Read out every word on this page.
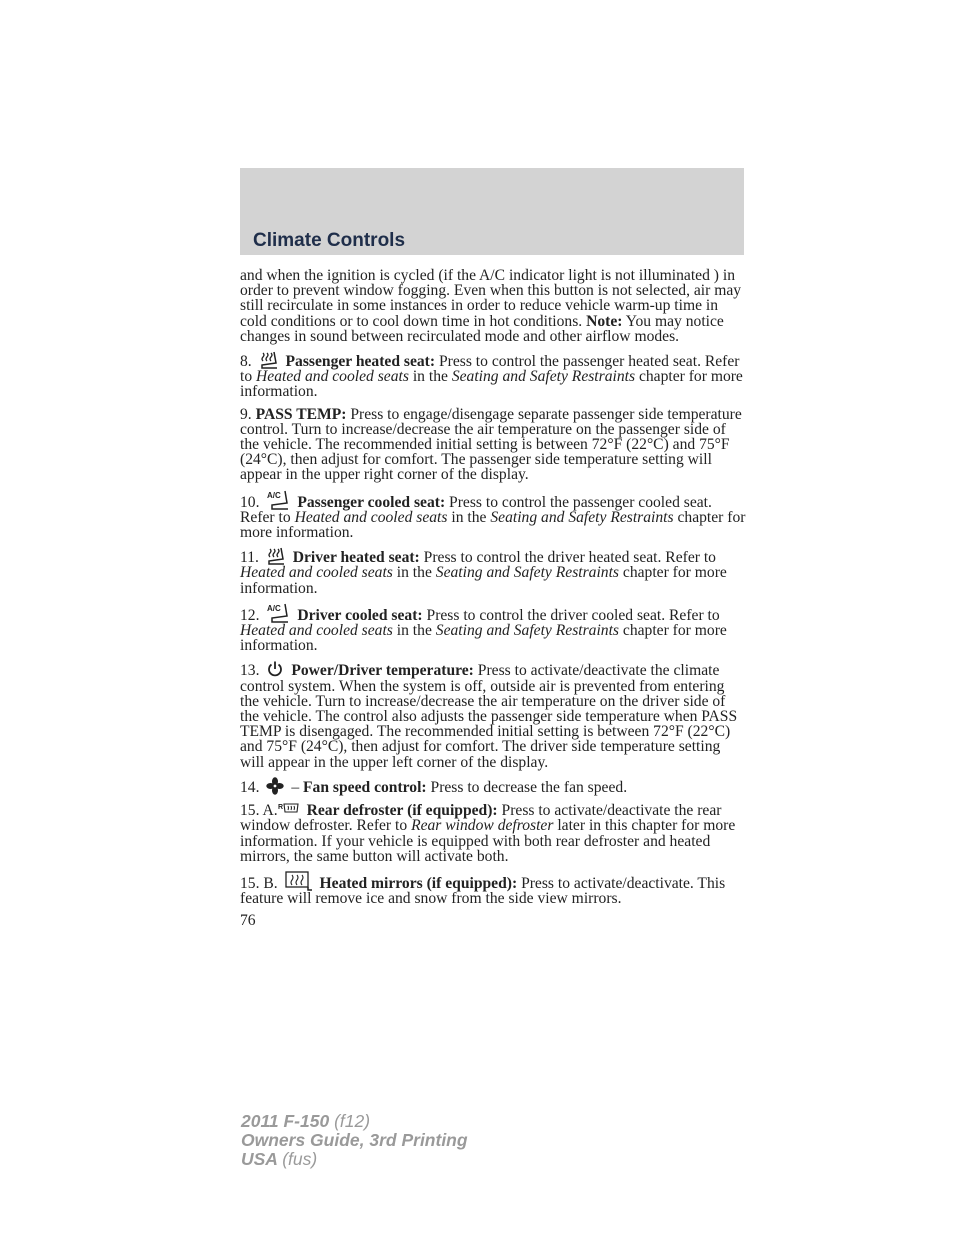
Climate Controls

and when the ignition is cycled (if the A/C indicator light is not illuminated ) in order to prevent window fogging. Even when this button is not selected, air may still recirculate in some instances in order to reduce vehicle warm-up time in cold conditions or to cool down time in hot conditions. Note: You may notice changes in sound between recirculated mode and other airflow modes.

8. Passenger heated seat: Press to control the passenger heated seat. Refer to Heated and cooled seats in the Seating and Safety Restraints chapter for more information.

9. PASS TEMP: Press to engage/disengage separate passenger side temperature control. Turn to increase/decrease the air temperature on the passenger side of the vehicle. The recommended initial setting is between 72°F (22°C) and 75°F (24°C), then adjust for comfort. The passenger side temperature setting will appear in the upper right corner of the display.

10. A/C Passenger cooled seat: Press to control the passenger cooled seat. Refer to Heated and cooled seats in the Seating and Safety Restraints chapter for more information.

11. Driver heated seat: Press to control the driver heated seat. Refer to Heated and cooled seats in the Seating and Safety Restraints chapter for more information.

12. A/C Driver cooled seat: Press to control the driver cooled seat. Refer to Heated and cooled seats in the Seating and Safety Restraints chapter for more information.

13. Power/Driver temperature: Press to activate/deactivate the climate control system. When the system is off, outside air is prevented from entering the vehicle. Turn to increase/decrease the air temperature on the driver side of the vehicle. The control also adjusts the passenger side temperature when PASS TEMP is disengaged. The recommended initial setting is between 72°F (22°C) and 75°F (24°C), then adjust for comfort. The driver side temperature setting will appear in the upper left corner of the display.

14. – Fan speed control: Press to decrease the fan speed.

15. A. R Rear defroster (if equipped): Press to activate/deactivate the rear window defroster. Refer to Rear window defroster later in this chapter for more information. If your vehicle is equipped with both rear defroster and heated mirrors, the same button will activate both.

15. B.	Heated mirrors (if equipped): Press to activate/deactivate. This feature will remove ice and snow from the side view mirrors.

76
2011 F-150 (f12)
Owners Guide, 3rd Printing
USA (fus)
